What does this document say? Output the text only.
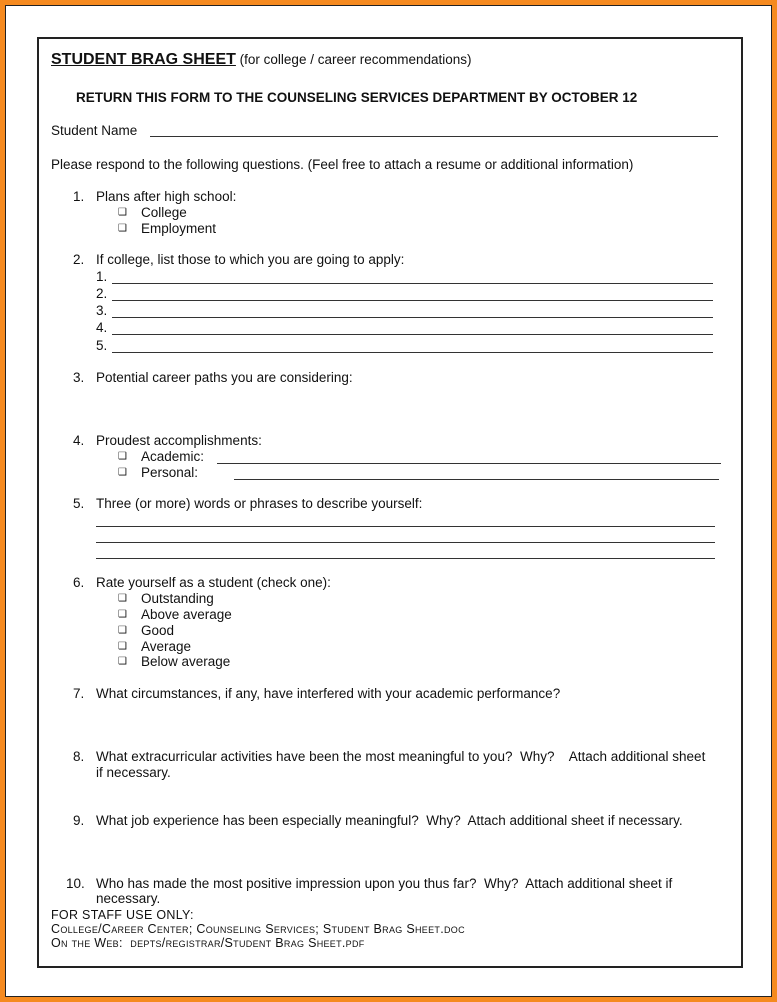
STUDENT BRAG SHEET (for college / career recommendations)
RETURN THIS FORM TO THE COUNSELING SERVICES DEPARTMENT BY OCTOBER 12
Student Name
Please respond to the following questions. (Feel free to attach a resume or additional information)
1. Plans after high school:
❑ College
❑ Employment
2. If college, list those to which you are going to apply:
1.
2.
3.
4.
5.
3. Potential career paths you are considering:
4. Proudest accomplishments:
❑ Academic:
❑ Personal:
5. Three (or more) words or phrases to describe yourself:
6. Rate yourself as a student (check one):
❑ Outstanding
❑ Above average
❑ Good
❑ Average
❑ Below average
7. What circumstances, if any, have interfered with your academic performance?
8. What extracurricular activities have been the most meaningful to you?  Why?    Attach additional sheet
if necessary.
9. What job experience has been especially meaningful?  Why?  Attach additional sheet if necessary.
10. Who has made the most positive impression upon you thus far?  Why?  Attach additional sheet if
necessary.
FOR STAFF USE ONLY:
College/Career Center; Counseling Services; Student Brag Sheet.doc
On the Web:  depts/registrar/Student Brag Sheet.pdf
